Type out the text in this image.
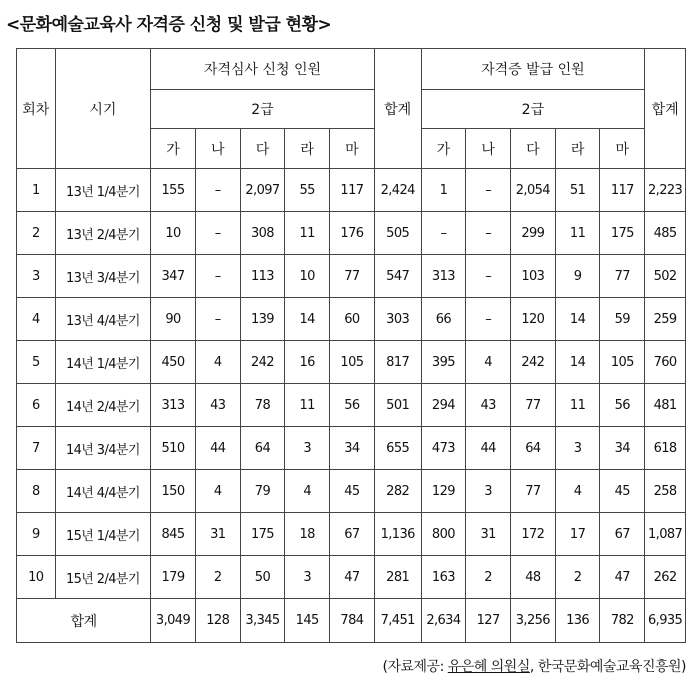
<문화예술교육사 자격증 신청 및 발급 현황>
회차	시기	자격심사 신청 인원					합계	자격증 발급 인원					합계
		2급						2급					
		가	나	다	라	마		가	나	다	라	마	
1	13년 1/4분기	155	–	2,097	55	117	2,424	1	–	2,054	51	117	2,223
2	13년 2/4분기	10	–	308	11	176	505	–	–	299	11	175	485
3	13년 3/4분기	347	–	113	10	77	547	313	–	103	9	77	502
4	13년 4/4분기	90	–	139	14	60	303	66	–	120	14	59	259
5	14년 1/4분기	450	4	242	16	105	817	395	4	242	14	105	760
6	14년 2/4분기	313	43	78	11	56	501	294	43	77	11	56	481
7	14년 3/4분기	510	44	64	3	34	655	473	44	64	3	34	618
8	14년 4/4분기	150	4	79	4	45	282	129	3	77	4	45	258
9	15년 1/4분기	845	31	175	18	67	1,136	800	31	172	17	67	1,087
10	15년 2/4분기	179	2	50	3	47	281	163	2	48	2	47	262
합계		3,049	128	3,345	145	784	7,451	2,634	127	3,256	136	782	6,935
(자료제공: 유은혜 의원실, 한국문화예술교육진흥원)
